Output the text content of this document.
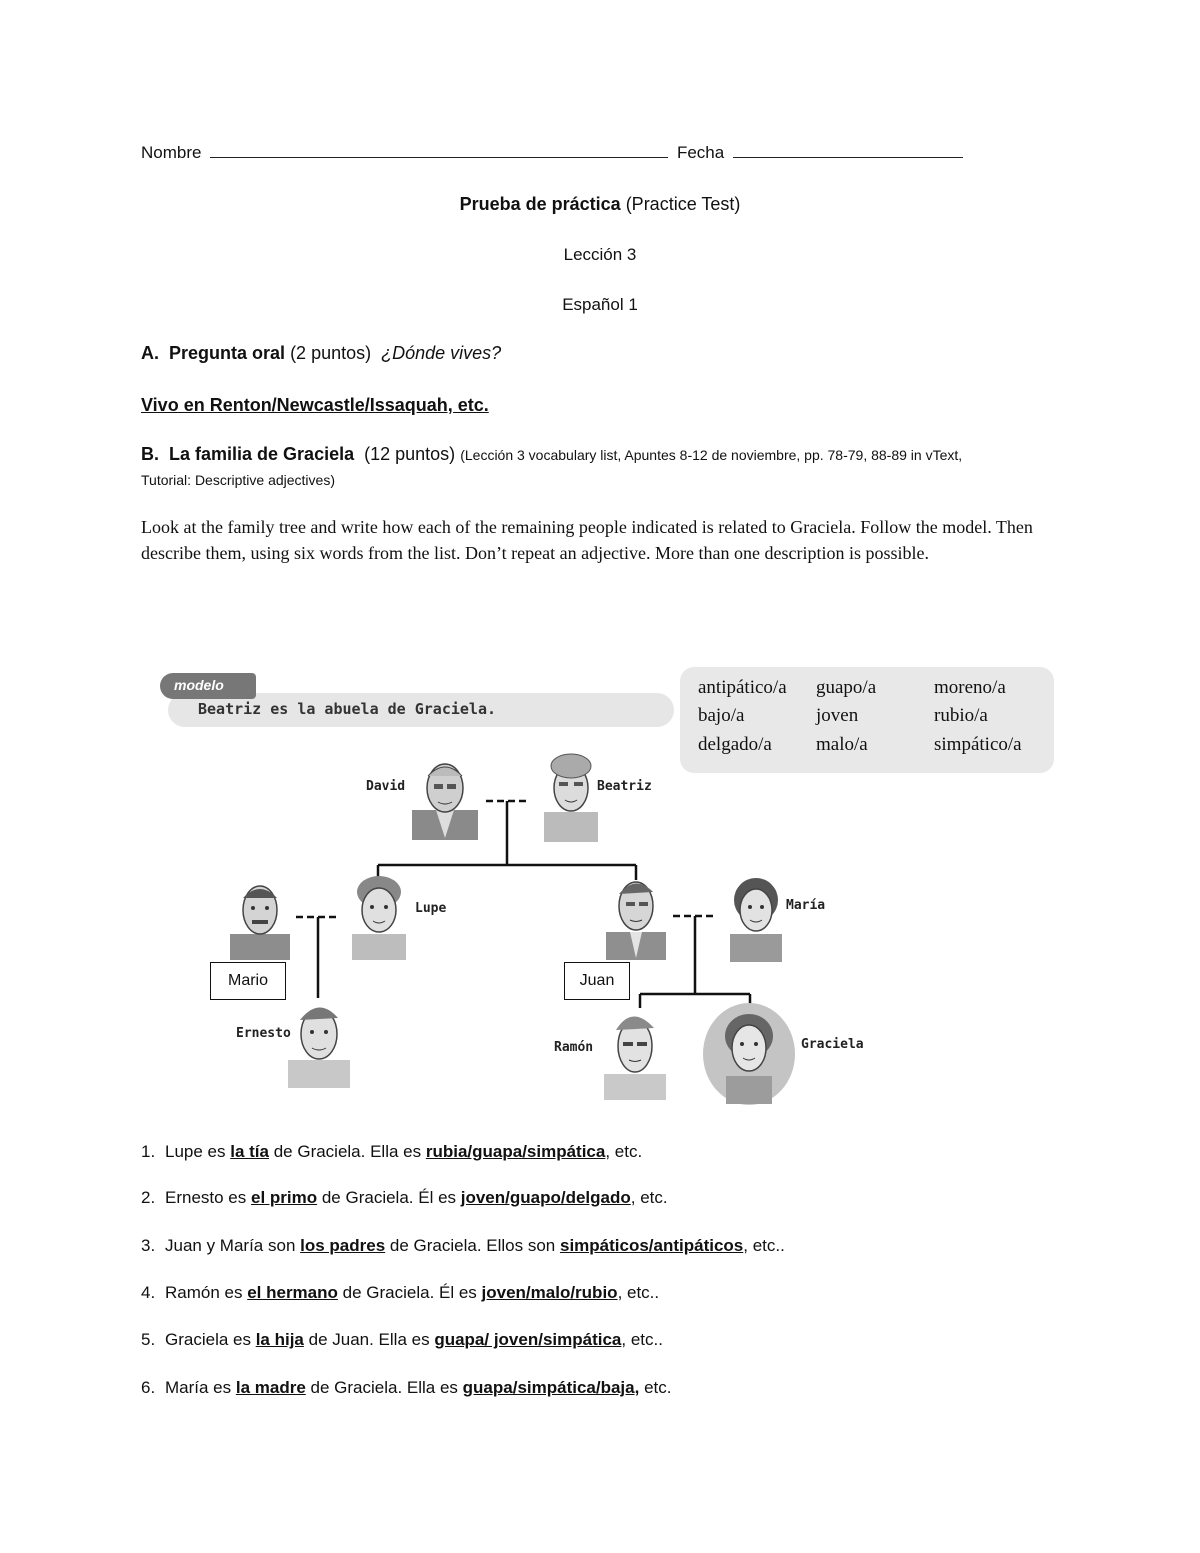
Nombre	Fecha
Prueba de práctica (Practice Test)
Lección 3
Español 1
A. Pregunta oral (2 puntos) ¿Dónde vives?
Vivo en Renton/Newcastle/Issaquah, etc.
B. La familia de Graciela (12 puntos) (Lección 3 vocabulary list, Apuntes 8-12 de noviembre, pp. 78-79, 88-89 in vText,
Tutorial: Descriptive adjectives)
Look at the family tree and write how each of the remaining people indicated is related to Graciela. Follow the model. Then describe them, using six words from the list. Don’t repeat an adjective. More than one description is possible.
modelo
Beatriz es la abuela de Graciela.
antipático/a guapo/a	moreno/a
bajo/a	joven	rubio/a
delgado/a malo/a	simpático/a
David	Beatriz
Lupe	María
Ernesto
Ramón	Graciela
Mario	Juan
1. Lupe es la tía de Graciela. Ella es rubia/guapa/simpática, etc.
2. Ernesto es el primo de Graciela. Él es joven/guapo/delgado, etc.
3. Juan y María son los padres de Graciela. Ellos son simpáticos/antipáticos, etc..
4. Ramón es el hermano de Graciela. Él es joven/malo/rubio, etc..
5. Graciela es la hija de Juan. Ella es guapa/ joven/simpática, etc..
6. María es la madre de Graciela. Ella es guapa/simpática/baja, etc.
